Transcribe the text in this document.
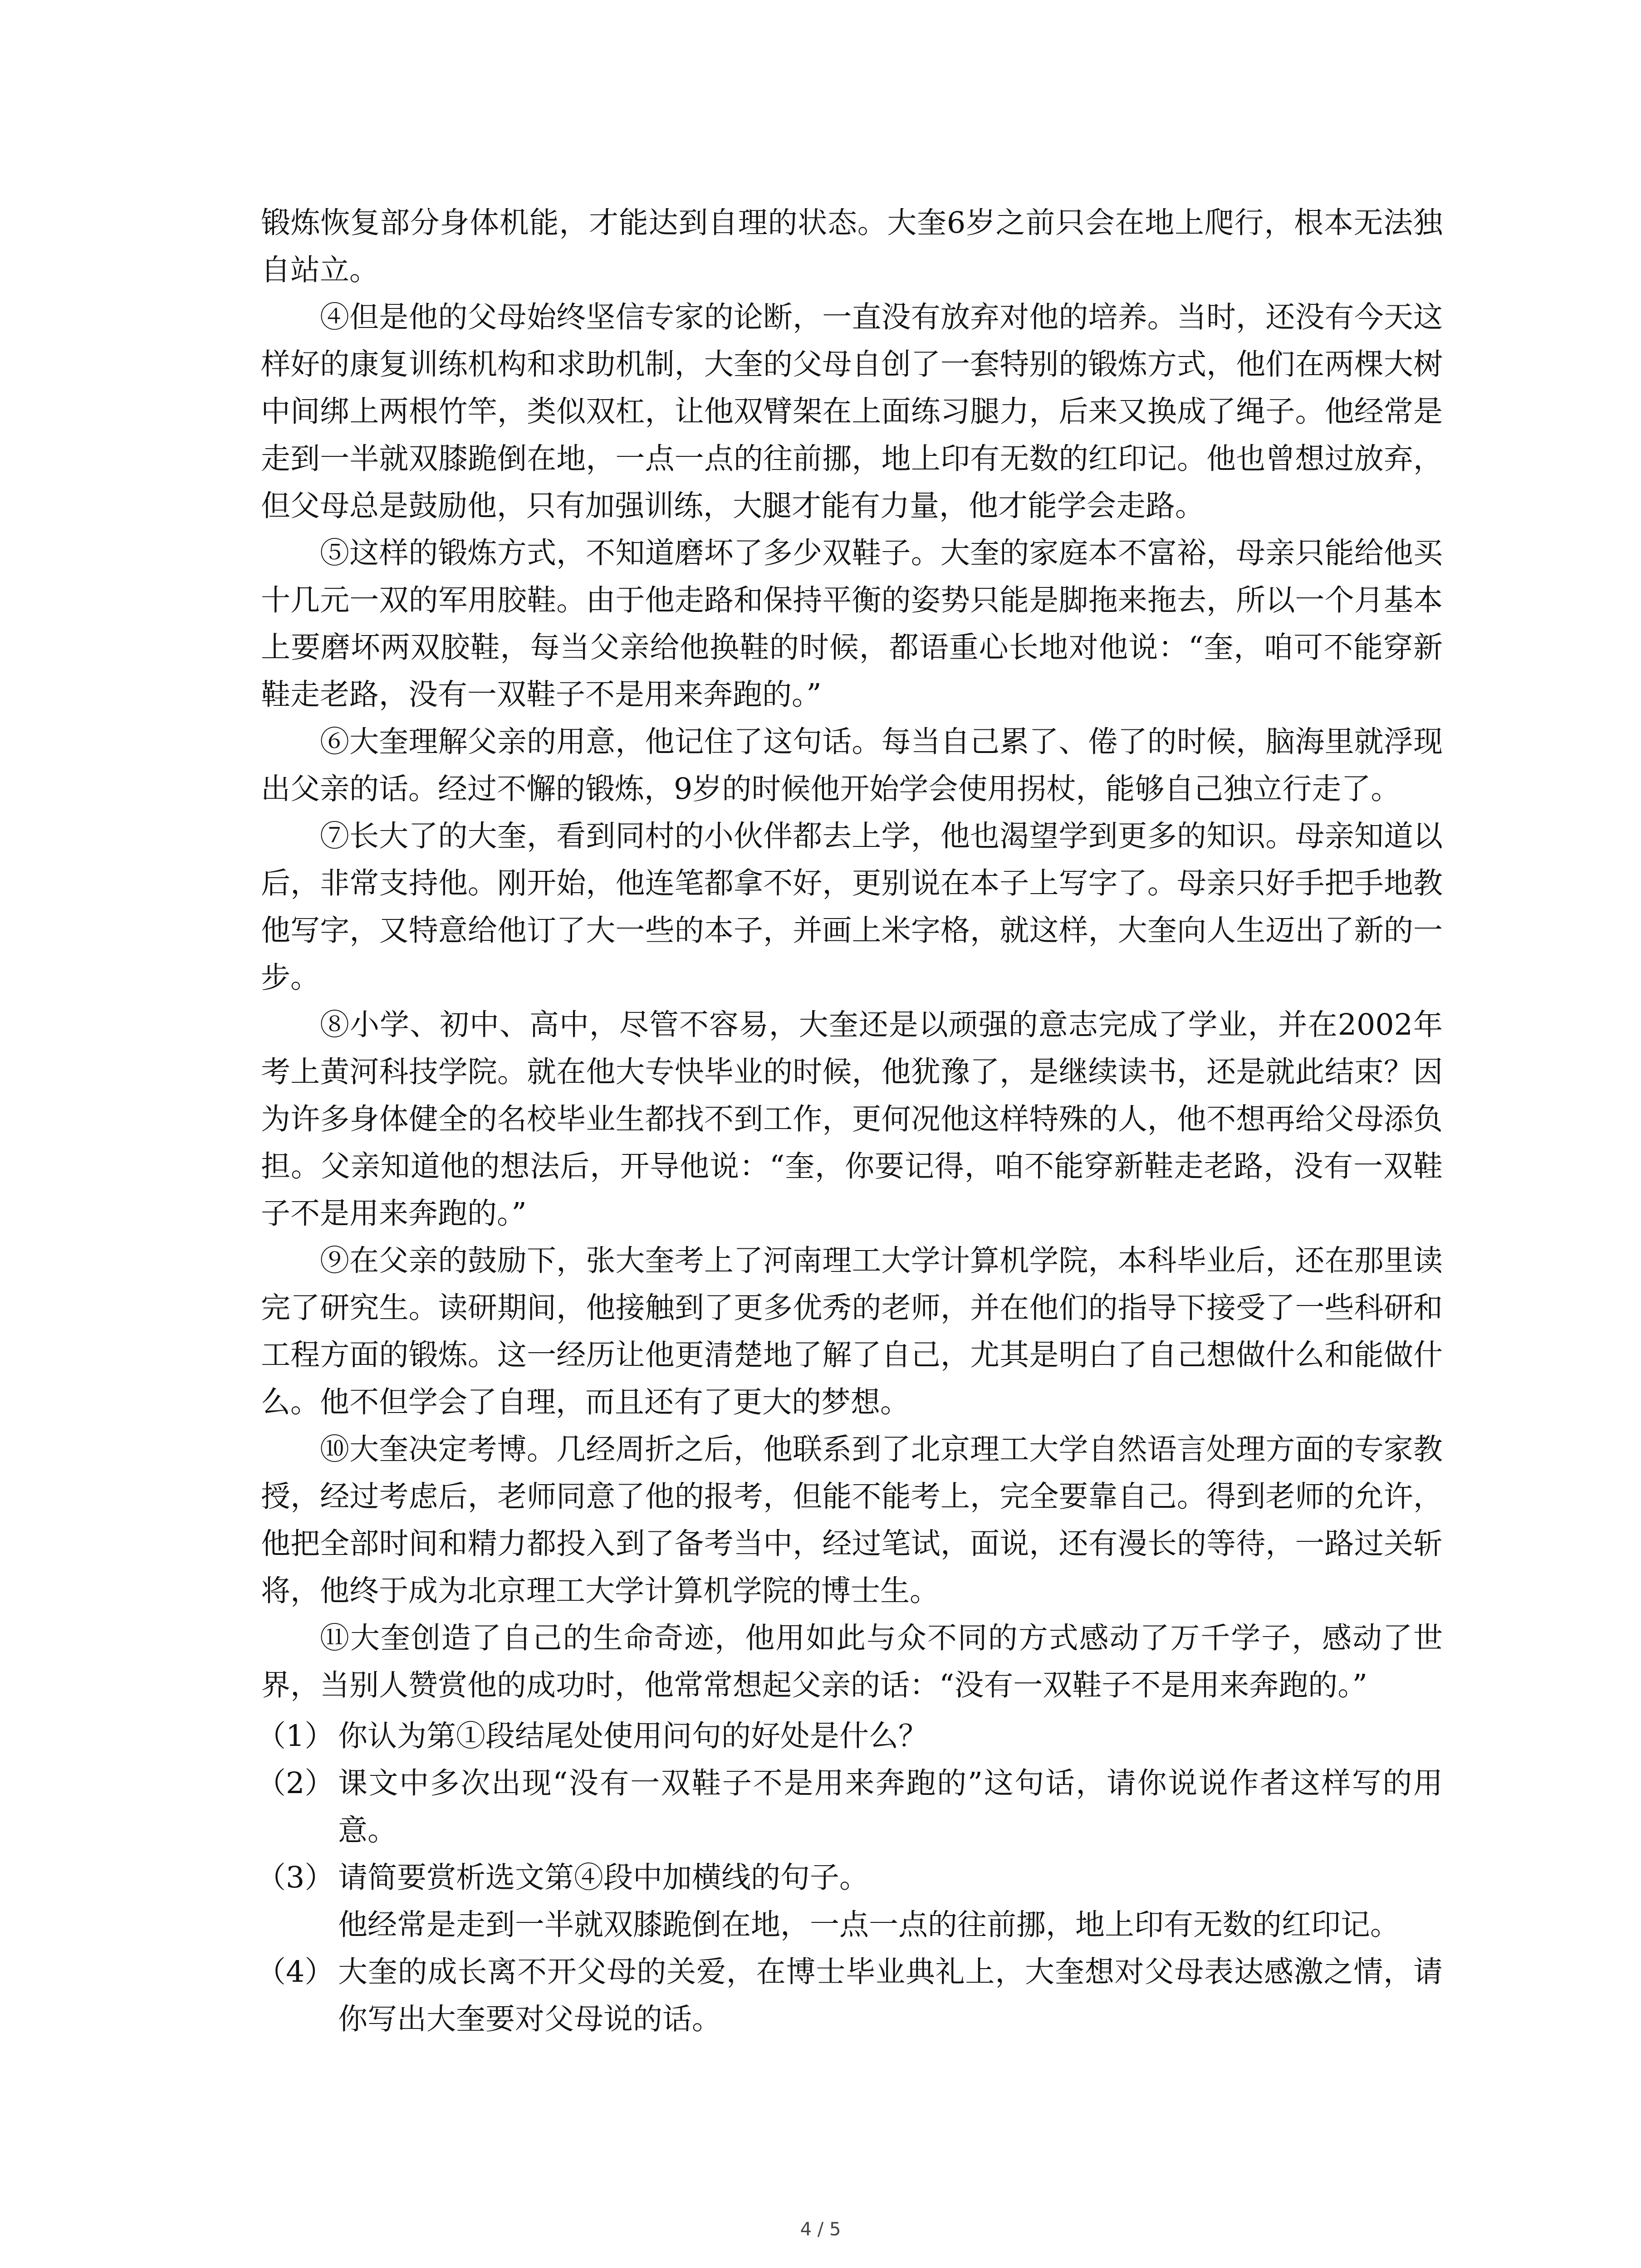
锻炼恢复部分身体机能，才能达到自理的状态。大奎6岁之前只会在地上爬行，根本无法独自站立。

④但是他的父母始终坚信专家的论断，一直没有放弃对他的培养。当时，还没有今天这样好的康复训练机构和求助机制，大奎的父母自创了一套特别的锻炼方式，他们在两棵大树中间绑上两根竹竿，类似双杠，让他双臂架在上面练习腿力，后来又换成了绳子。他经常是走到一半就双膝跪倒在地，一点一点的往前挪，地上印有无数的红印记。他也曾想过放弃，但父母总是鼓励他，只有加强训练，大腿才能有力量，他才能学会走路。

⑤这样的锻炼方式，不知道磨坏了多少双鞋子。大奎的家庭本不富裕，母亲只能给他买十几元一双的军用胶鞋。由于他走路和保持平衡的姿势只能是脚拖来拖去，所以一个月基本上要磨坏两双胶鞋，每当父亲给他换鞋的时候，都语重心长地对他说：“奎，咱可不能穿新鞋走老路，没有一双鞋子不是用来奔跑的。”

⑥大奎理解父亲的用意，他记住了这句话。每当自己累了、倦了的时候，脑海里就浮现出父亲的话。经过不懈的锻炼，9岁的时候他开始学会使用拐杖，能够自己独立行走了。

⑦长大了的大奎，看到同村的小伙伴都去上学，他也渴望学到更多的知识。母亲知道以后，非常支持他。刚开始，他连笔都拿不好，更别说在本子上写字了。母亲只好手把手地教他写字，又特意给他订了大一些的本子，并画上米字格，就这样，大奎向人生迈出了新的一步。

⑧小学、初中、高中，尽管不容易，大奎还是以顽强的意志完成了学业，并在2002年考上黄河科技学院。就在他大专快毕业的时候，他犹豫了，是继续读书，还是就此结束？因为许多身体健全的名校毕业生都找不到工作，更何况他这样特殊的人，他不想再给父母添负担。父亲知道他的想法后，开导他说：“奎，你要记得，咱不能穿新鞋走老路，没有一双鞋子不是用来奔跑的。”

⑨在父亲的鼓励下，张大奎考上了河南理工大学计算机学院，本科毕业后，还在那里读完了研究生。读研期间，他接触到了更多优秀的老师，并在他们的指导下接受了一些科研和工程方面的锻炼。这一经历让他更清楚地了解了自己，尤其是明白了自己想做什么和能做什么。他不但学会了自理，而且还有了更大的梦想。

⑩大奎决定考博。几经周折之后，他联系到了北京理工大学自然语言处理方面的专家教授，经过考虑后，老师同意了他的报考，但能不能考上，完全要靠自己。得到老师的允许，他把全部时间和精力都投入到了备考当中，经过笔试，面说，还有漫长的等待，一路过关斩将，他终于成为北京理工大学计算机学院的博士生。

⑪大奎创造了自己的生命奇迹，他用如此与众不同的方式感动了万千学子，感动了世界，当别人赞赏他的成功时，他常常想起父亲的话：“没有一双鞋子不是用来奔跑的。”

（1） 你认为第①段结尾处使用问句的好处是什么？
（2） 课文中多次出现“没有一双鞋子不是用来奔跑的”这句话，请你说说作者这样写的用意。
（3） 请简要赏析选文第④段中加横线的句子。

他经常是走到一半就双膝跪倒在地，一点一点的往前挪，地上印有无数的红印记。

（4） 大奎的成长离不开父母的关爱，在博士毕业典礼上，大奎想对父母表达感激之情，请你写出大奎要对父母说的话。
4 / 5
